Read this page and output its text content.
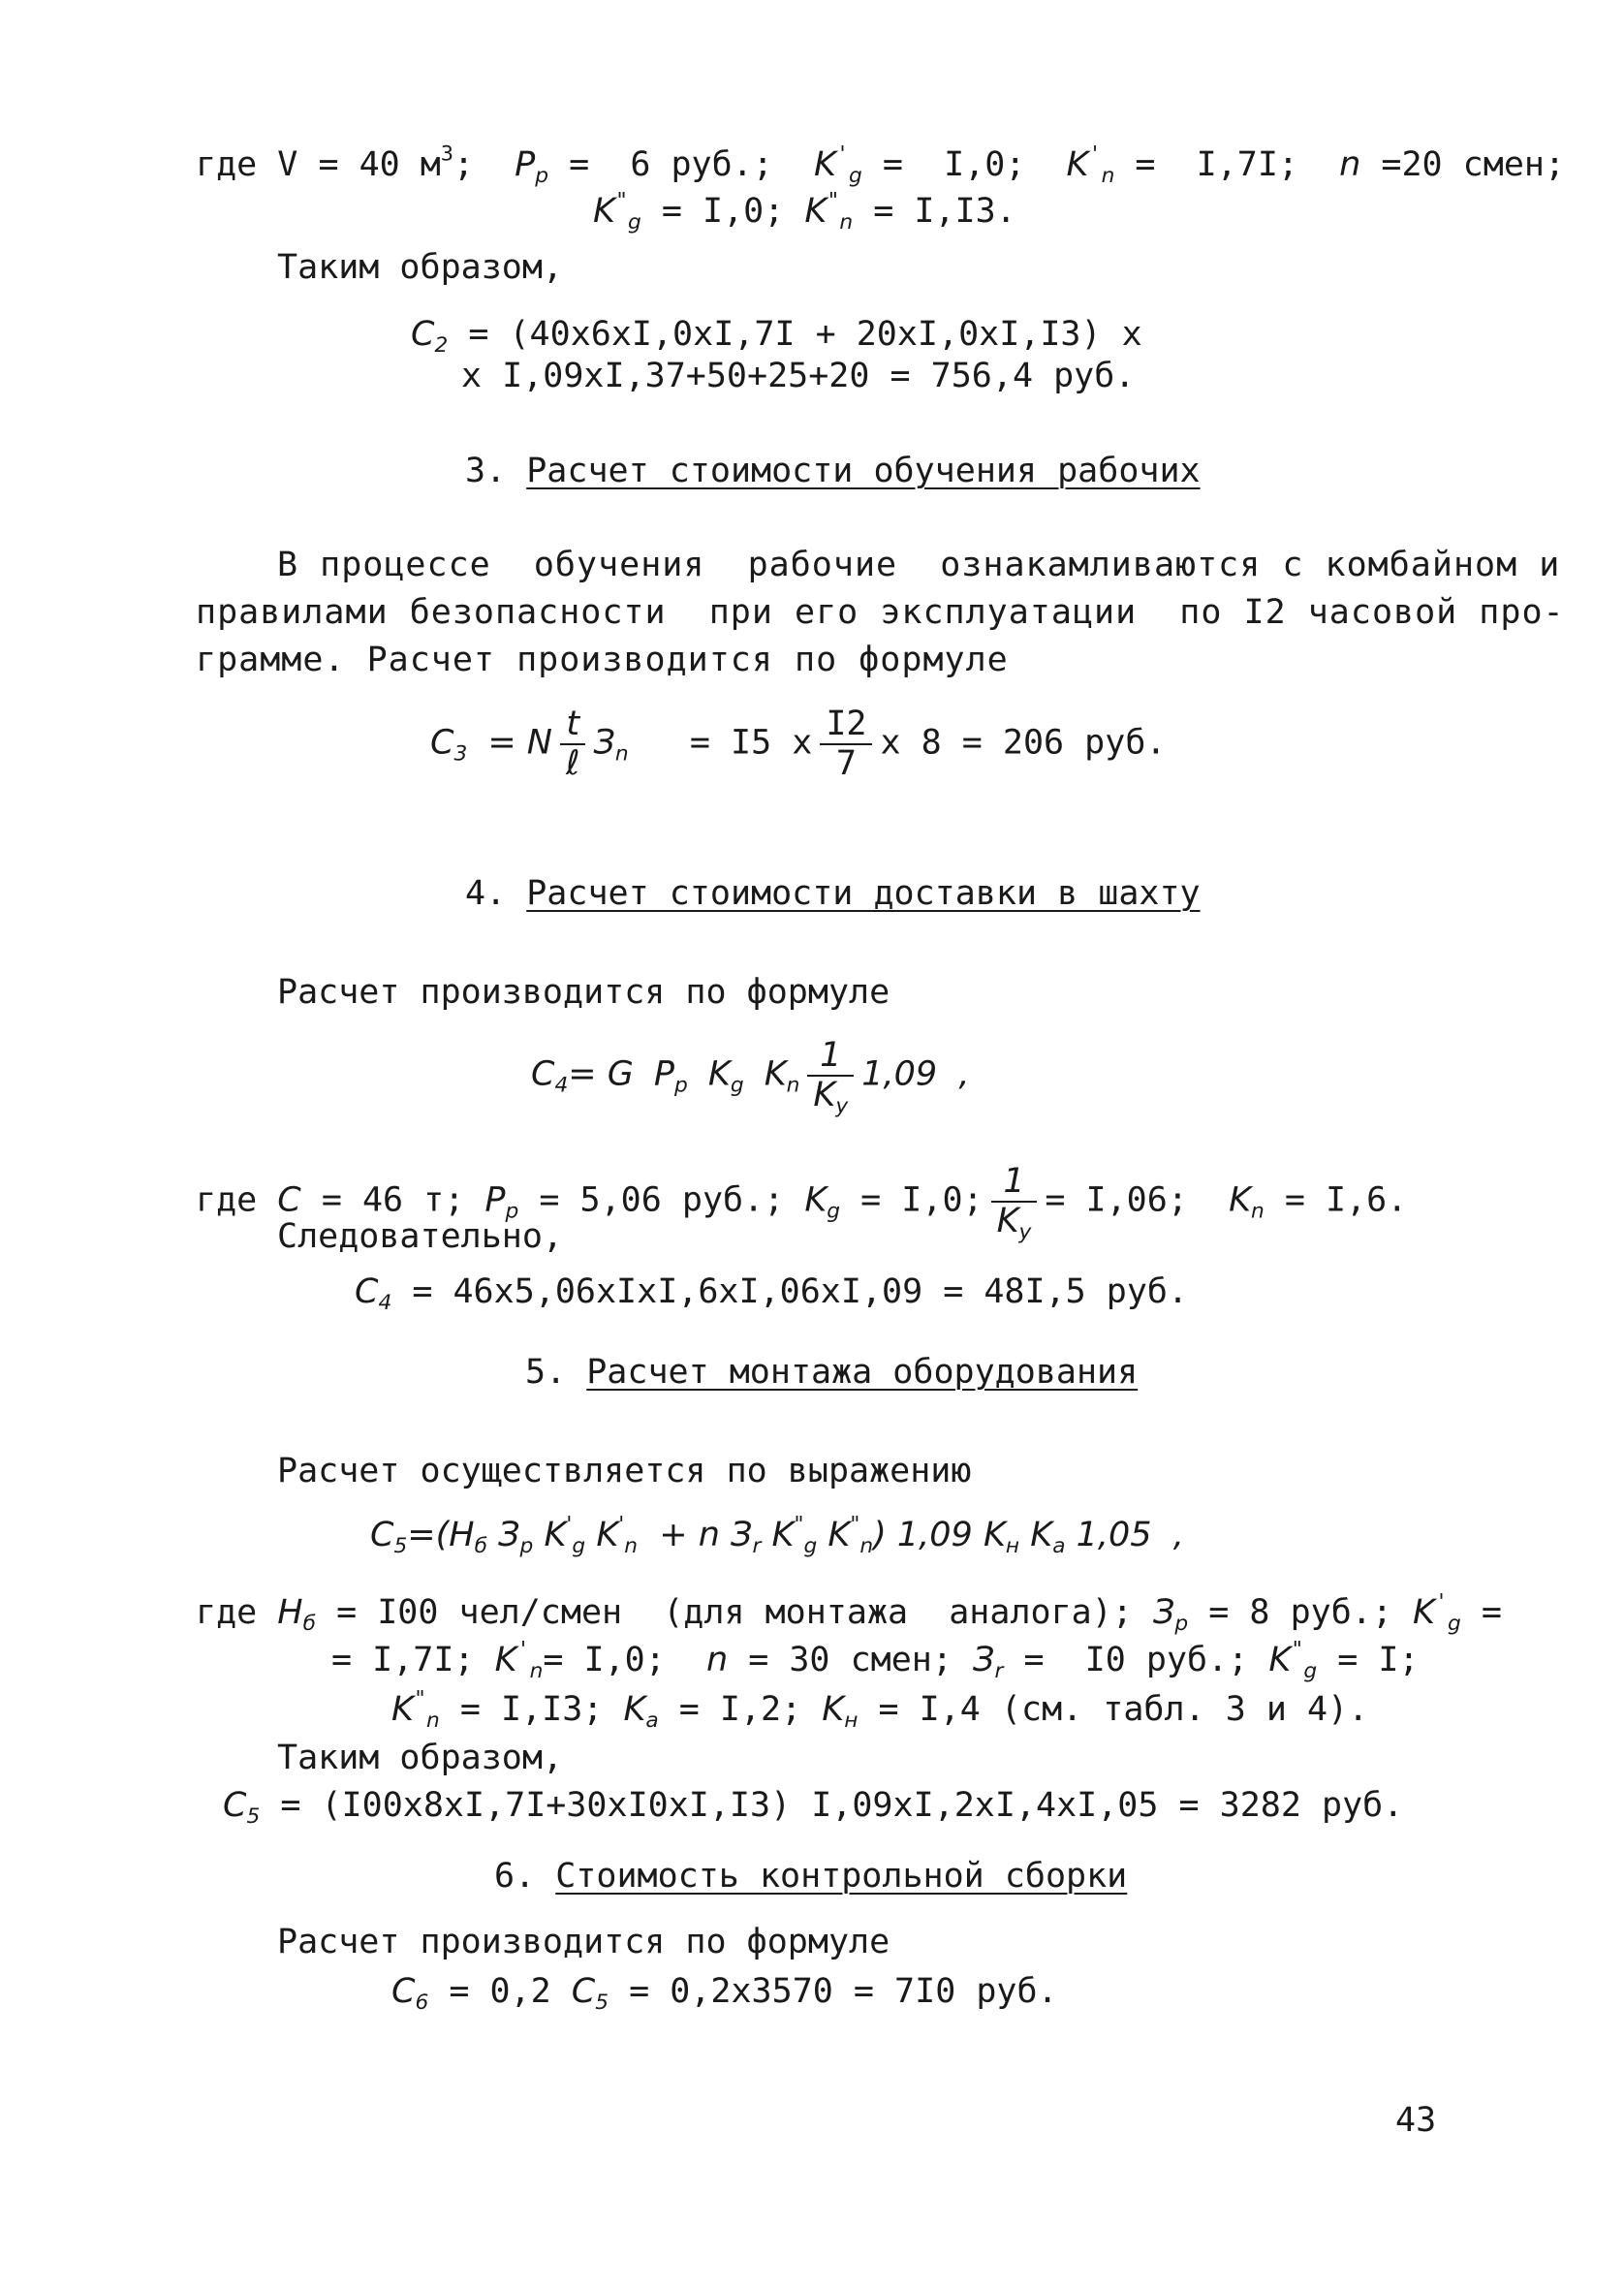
где V = 40 $м^3$;  $P_p = 6$ руб.; $K'_g = I,0$; $K'_n = I,7I$; n =20 смен;
$K^"_g = I,0$; $K^"_n = I,I3$.
Таким образом,
$C_2 = (40х6хI,0хI,7I + 20хI,0хI,I3)$ х
х I,09хI,37+50+25+20 = 756,4 руб.
3. Расчет стоимости обучения рабочих
В процессе  обучения  рабочие  ознакамливаются с комбайном и
правилами безопасности  при его эксплуатации  по I2 часовой про-
грамме. Расчет производится по формуле
$C_3 = N$ t
ℓ
$З_n = I5$ х $\frac{I2}{7}$ х 8 = 206 руб.
4. Расчет стоимости доставки в шахту
Расчет производится по формуле
$C_4= G$ $P_p$ $K_g$ $K_n \frac{1}{K_y} 1,09$  ,
где C = 46 т; $P_p = 5,06$ руб.; $K_g = I,0$; $\frac{1}{K_y} = I,06$; $K_n = I,6$.
Следовательно,
$C_4$ = 46х5,06хIхI,6хI,06хI,09 = 48I,5 руб.
5. Расчет монтажа оборудования
Расчет осуществляется по выражению
$C_5=(H_б$ $З_p$ $K'_g$ $K'_n + n$ $З_r$ $K^"_g$ $K^"_n$) 1,09 $K_н$ $K_a$ 1,05  ,
где $H_б = I00$ чел/смен  (для монтажа  аналога); $З_p = 8$ руб.; $K'_g$ =
= I,7I; $K'_n= I,0$; n = 30 смен; $З_r = I0$ руб.; $K^"_g = I$;
$K^"_n = I,I3$; $K_a = I,2$; $K_н = I,4$ (см. табл. 3 и 4).
Таким образом,
$C_5 = (I00х8хI,7I+30хI0хI,I3) I,09хI,2хI,4хI,05 = 3282$ руб.
6. Стоимость контрольной сборки
Расчет производится по формуле
$C_6 = 0,2$ $C_5 = 0,2х3570 = 7I0$ руб.
43
